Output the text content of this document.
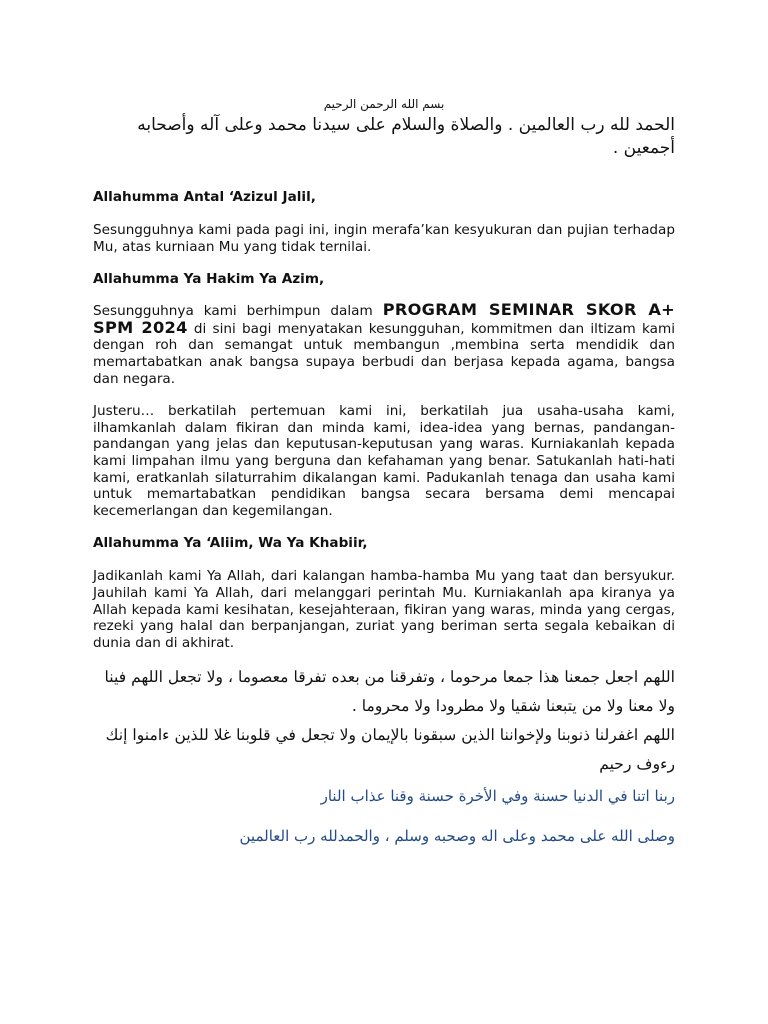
بسم الله الرحمن الرحيم

الحمد لله رب العالمين . والصلاة والسلام على سيدنا محمد وعلى آله وأصحابه أجمعين .

Allahumma Antal ‘Azizul Jalil,

Sesungguhnya kami pada pagi ini, ingin merafa’kan kesyukuran dan pujian terhadap Mu, atas kurniaan Mu yang tidak ternilai.

Allahumma Ya Hakim Ya Azim,

Sesungguhnya kami berhimpun dalam PROGRAM SEMINAR SKOR A+ SPM 2024 di sini bagi menyatakan kesungguhan, kommitmen dan iltizam kami dengan roh dan semangat untuk membangun ,membina serta mendidik dan memartabatkan anak bangsa supaya berbudi dan berjasa kepada agama, bangsa dan negara.

Justeru… berkatilah pertemuan kami ini, berkatilah jua usaha-usaha kami, ilhamkanlah dalam fikiran dan minda kami, idea-idea yang bernas, pandangan-pandangan yang jelas dan keputusan-keputusan yang waras. Kurniakanlah kepada kami limpahan ilmu yang berguna dan kefahaman yang benar. Satukanlah hati-hati kami, eratkanlah silaturrahim dikalangan kami. Padukanlah tenaga dan usaha kami untuk memartabatkan pendidikan bangsa secara bersama demi mencapai kecemerlangan dan kegemilangan.

Allahumma Ya ‘Aliim, Wa Ya Khabiir,

Jadikanlah kami Ya Allah, dari kalangan hamba-hamba Mu yang taat dan bersyukur. Jauhilah kami Ya Allah, dari melanggari perintah Mu. Kurniakanlah apa kiranya ya Allah kepada kami kesihatan, kesejahteraan, fikiran yang waras, minda yang cergas, rezeki yang halal dan berpanjangan, zuriat yang beriman serta segala kebaikan di dunia dan di akhirat.

اللهم اجعل جمعنا هذا جمعا مرحوما ، وتفرقنا من بعده تفرقا معصوما ، ولا تجعل اللهم فينا ولا معنا ولا من يتبعنا شقيا ولا مطرودا ولا محروما .

اللهم اغفرلنا ذنوبنا ولإخواننا الذين سبقونا بالإيمان ولا تجعل في قلوبنا غلا للذين ءامنوا إنك رءوف رحيم

ربنا اتنا في الدنيا حسنة وفي الأخرة حسنة وقنا عذاب النار

وصلى الله على محمد وعلى اله وصحبه وسلم ، والحمدلله رب العالمين
